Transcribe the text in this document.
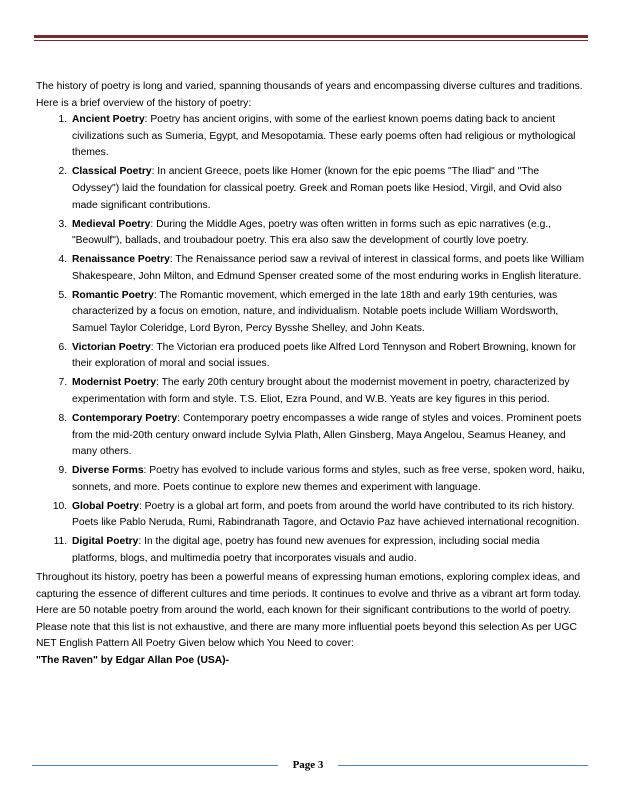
The history of poetry is long and varied, spanning thousands of years and encompassing diverse cultures and traditions. Here is a brief overview of the history of poetry:

1. Ancient Poetry: Poetry has ancient origins, with some of the earliest known poems dating back to ancient civilizations such as Sumeria, Egypt, and Mesopotamia. These early poems often had religious or mythological themes.
2. Classical Poetry: In ancient Greece, poets like Homer (known for the epic poems "The Iliad" and "The Odyssey") laid the foundation for classical poetry. Greek and Roman poets like Hesiod, Virgil, and Ovid also made significant contributions.
3. Medieval Poetry: During the Middle Ages, poetry was often written in forms such as epic narratives (e.g., "Beowulf"), ballads, and troubadour poetry. This era also saw the development of courtly love poetry.
4. Renaissance Poetry: The Renaissance period saw a revival of interest in classical forms, and poets like William Shakespeare, John Milton, and Edmund Spenser created some of the most enduring works in English literature.
5. Romantic Poetry: The Romantic movement, which emerged in the late 18th and early 19th centuries, was characterized by a focus on emotion, nature, and individualism. Notable poets include William Wordsworth, Samuel Taylor Coleridge, Lord Byron, Percy Bysshe Shelley, and John Keats.
6. Victorian Poetry: The Victorian era produced poets like Alfred Lord Tennyson and Robert Browning, known for their exploration of moral and social issues.
7. Modernist Poetry: The early 20th century brought about the modernist movement in poetry, characterized by experimentation with form and style. T.S. Eliot, Ezra Pound, and W.B. Yeats are key figures in this period.
8. Contemporary Poetry: Contemporary poetry encompasses a wide range of styles and voices. Prominent poets from the mid-20th century onward include Sylvia Plath, Allen Ginsberg, Maya Angelou, Seamus Heaney, and many others.
9. Diverse Forms: Poetry has evolved to include various forms and styles, such as free verse, spoken word, haiku, sonnets, and more. Poets continue to explore new themes and experiment with language.
10. Global Poetry: Poetry is a global art form, and poets from around the world have contributed to its rich history. Poets like Pablo Neruda, Rumi, Rabindranath Tagore, and Octavio Paz have achieved international recognition.
11. Digital Poetry: In the digital age, poetry has found new avenues for expression, including social media platforms, blogs, and multimedia poetry that incorporates visuals and audio.

Throughout its history, poetry has been a powerful means of expressing human emotions, exploring complex ideas, and capturing the essence of different cultures and time periods. It continues to evolve and thrive as a vibrant art form today.

Here are 50 notable poetry from around the world, each known for their significant contributions to the world of poetry. Please note that this list is not exhaustive, and there are many more influential poets beyond this selection As per UGC NET English Pattern All Poetry Given below which You Need to cover:

"The Raven" by Edgar Allan Poe (USA)-

Page 3
